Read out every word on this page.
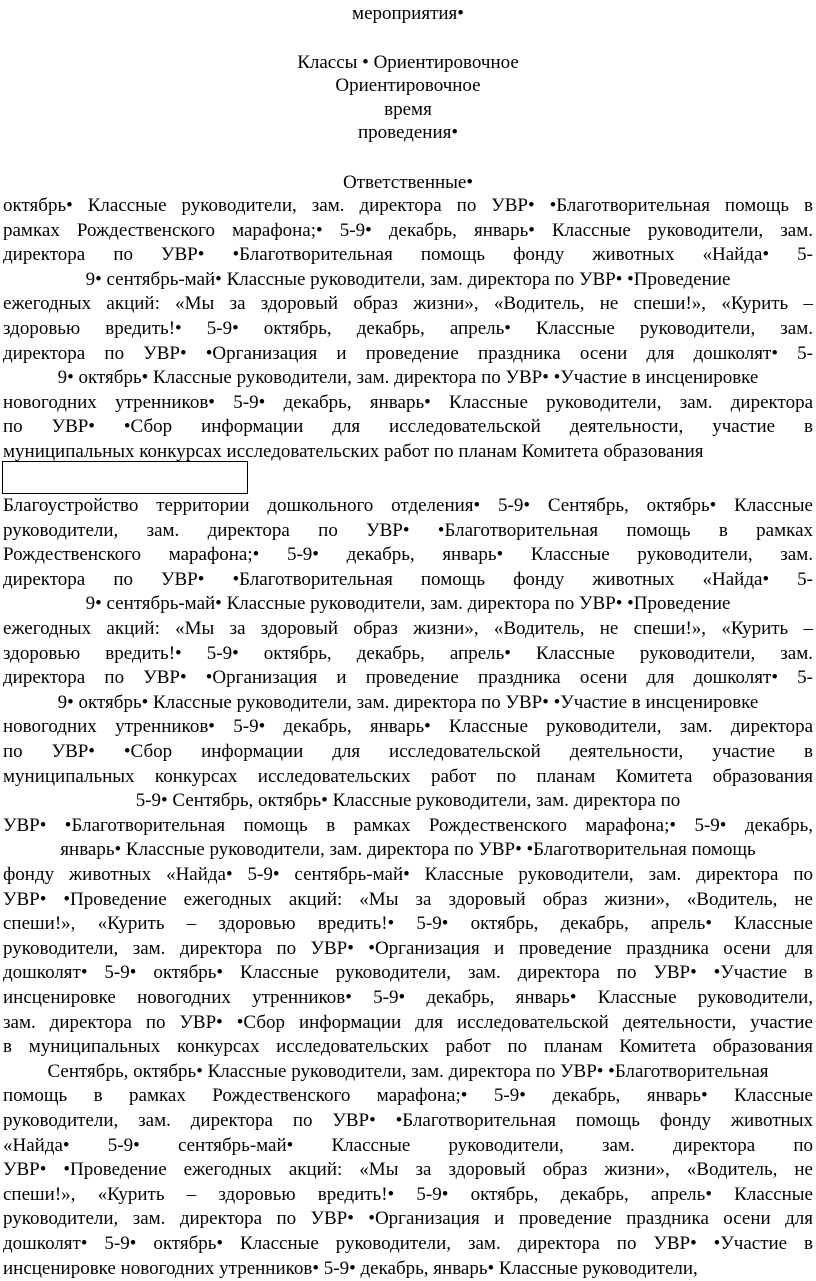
мероприятия•
Классы • Ориентировочное
Ориентировочное
время
проведения•
Ответственные•
октябрь• Классные руководители, зам. директора по УВР• •Благотворительная помощь в
рамках Рождественского марафона;• 5-9• декабрь, январь• Классные руководители, зам.
директора по УВР• •Благотворительная помощь фонду животных «Найда• 5-
9• сентябрь-май• Классные руководители, зам. директора по УВР• •Проведение
ежегодных акций: «Мы за здоровый образ жизни», «Водитель, не спеши!», «Курить –
здоровью вредить!• 5-9• октябрь, декабрь, апрель• Классные руководители, зам.
директора по УВР• •Организация и проведение праздника осени для дошколят• 5-
9• октябрь• Классные руководители, зам. директора по УВР• •Участие в инсценировке
новогодних утренников• 5-9• декабрь, январь• Классные руководители, зам. директора
по УВР• •Сбор информации для исследовательской деятельности, участие в
муниципальных конкурсах исследовательских работ по планам Комитета образования
Благоустройство территории дошкольного отделения• 5-9• Сентябрь, октябрь• Классные
руководители, зам. директора по УВР• •Благотворительная помощь в рамках
Рождественского марафона;• 5-9• декабрь, январь• Классные руководители, зам.
директора по УВР• •Благотворительная помощь фонду животных «Найда• 5-
9• сентябрь-май• Классные руководители, зам. директора по УВР• •Проведение
ежегодных акций: «Мы за здоровый образ жизни», «Водитель, не спеши!», «Курить –
здоровью вредить!• 5-9• октябрь, декабрь, апрель• Классные руководители, зам.
директора по УВР• •Организация и проведение праздника осени для дошколят• 5-
9• октябрь• Классные руководители, зам. директора по УВР• •Участие в инсценировке
новогодних утренников• 5-9• декабрь, январь• Классные руководители, зам. директора
по УВР• •Сбор информации для исследовательской деятельности, участие в
муниципальных конкурсах исследовательских работ по планам Комитета образования
5-9• Сентябрь, октябрь• Классные руководители, зам. директора по
УВР• •Благотворительная помощь в рамках Рождественского марафона;• 5-9• декабрь,
январь• Классные руководители, зам. директора по УВР• •Благотворительная помощь
фонду животных «Найда• 5-9• сентябрь-май• Классные руководители, зам. директора по
УВР• •Проведение ежегодных акций: «Мы за здоровый образ жизни», «Водитель, не
спеши!», «Курить – здоровью вредить!• 5-9• октябрь, декабрь, апрель• Классные
руководители, зам. директора по УВР• •Организация и проведение праздника осени для
дошколят• 5-9• октябрь• Классные руководители, зам. директора по УВР• •Участие в
инсценировке новогодних утренников• 5-9• декабрь, январь• Классные руководители,
зам. директора по УВР• •Сбор информации для исследовательской деятельности, участие
в муниципальных конкурсах исследовательских работ по планам Комитета образования
Сентябрь, октябрь• Классные руководители, зам. директора по УВР• •Благотворительная
помощь в рамках Рождественского марафона;• 5-9• декабрь, январь• Классные
руководители, зам. директора по УВР• •Благотворительная помощь фонду животных
«Найда• 5-9• сентябрь-май• Классные руководители, зам. директора по
УВР• •Проведение ежегодных акций: «Мы за здоровый образ жизни», «Водитель, не
спеши!», «Курить – здоровью вредить!• 5-9• октябрь, декабрь, апрель• Классные
руководители, зам. директора по УВР• •Организация и проведение праздника осени для
дошколят• 5-9• октябрь• Классные руководители, зам. директора по УВР• •Участие в
инсценировке новогодних утренников• 5-9• декабрь, январь• Классные руководители,
